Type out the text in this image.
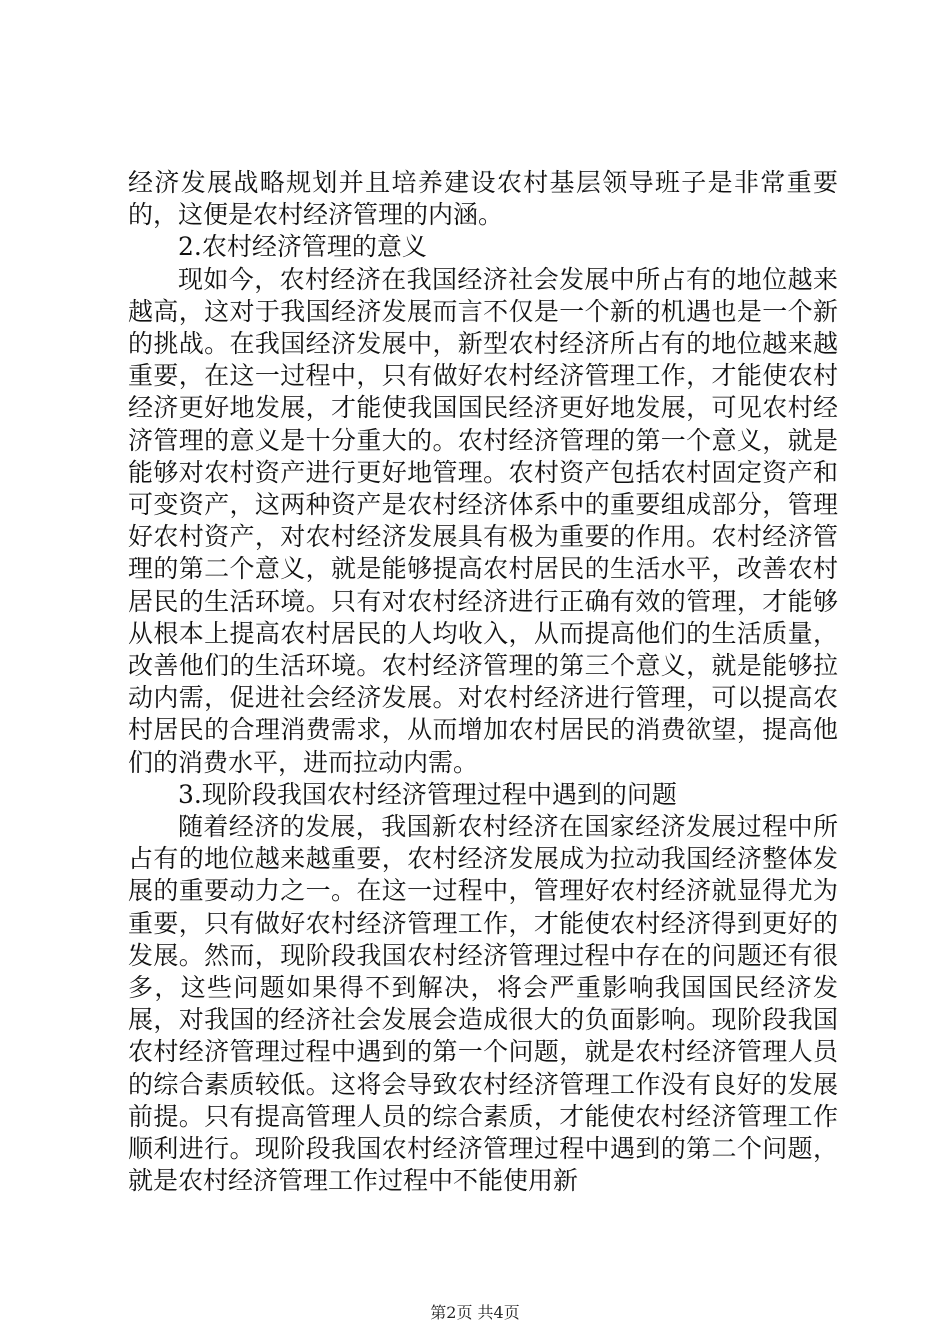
经济发展战略规划并且培养建设农村基层领导班子是非常重要的，这便是农村经济管理的内涵。

2.农村经济管理的意义

现如今，农村经济在我国经济社会发展中所占有的地位越来越高，这对于我国经济发展而言不仅是一个新的机遇也是一个新的挑战。在我国经济发展中，新型农村经济所占有的地位越来越重要，在这一过程中，只有做好农村经济管理工作，才能使农村经济更好地发展，才能使我国国民经济更好地发展，可见农村经济管理的意义是十分重大的。农村经济管理的第一个意义，就是能够对农村资产进行更好地管理。农村资产包括农村固定资产和可变资产，这两种资产是农村经济体系中的重要组成部分，管理好农村资产，对农村经济发展具有极为重要的作用。农村经济管理的第二个意义，就是能够提高农村居民的生活水平，改善农村居民的生活环境。只有对农村经济进行正确有效的管理，才能够从根本上提高农村居民的人均收入，从而提高他们的生活质量，改善他们的生活环境。农村经济管理的第三个意义，就是能够拉动内需，促进社会经济发展。对农村经济进行管理，可以提高农村居民的合理消费需求，从而增加农村居民的消费欲望，提高他们的消费水平，进而拉动内需。

3.现阶段我国农村经济管理过程中遇到的问题

随着经济的发展，我国新农村经济在国家经济发展过程中所占有的地位越来越重要，农村经济发展成为拉动我国经济整体发展的重要动力之一。在这一过程中，管理好农村经济就显得尤为重要，只有做好农村经济管理工作，才能使农村经济得到更好的发展。然而，现阶段我国农村经济管理过程中存在的问题还有很多，这些问题如果得不到解决，将会严重影响我国国民经济发展，对我国的经济社会发展会造成很大的负面影响。现阶段我国农村经济管理过程中遇到的第一个问题，就是农村经济管理人员的综合素质较低。这将会导致农村经济管理工作没有良好的发展前提。只有提高管理人员的综合素质，才能使农村经济管理工作顺利进行。现阶段我国农村经济管理过程中遇到的第二个问题，就是农村经济管理工作过程中不能使用新

第2页 共4页
